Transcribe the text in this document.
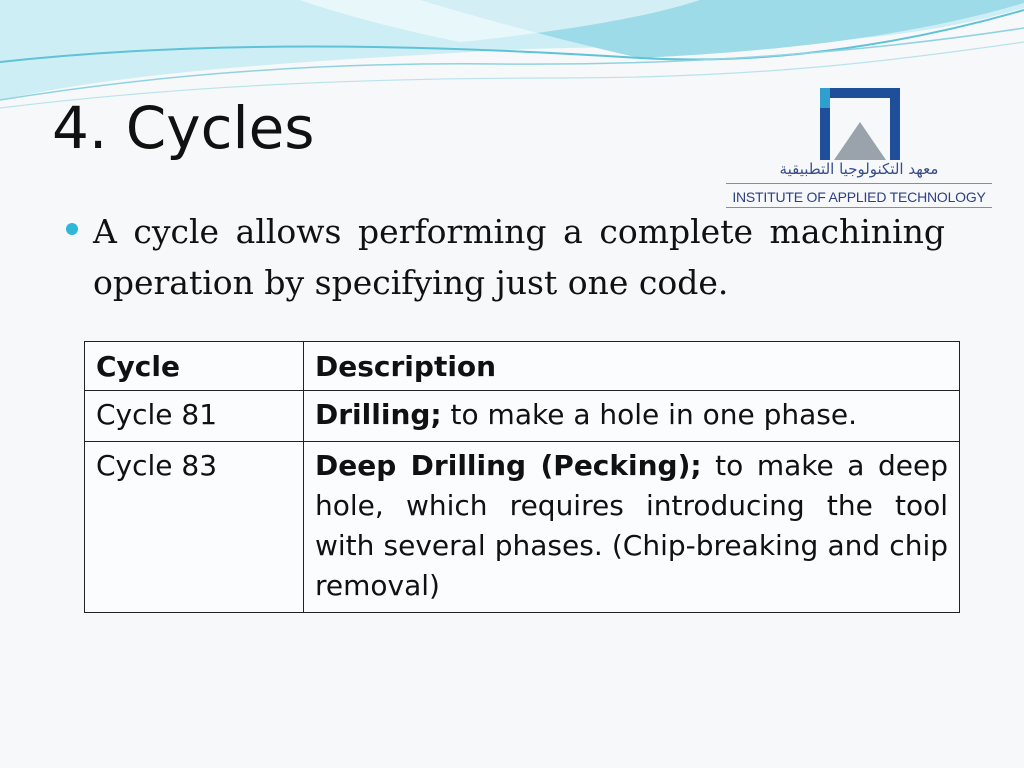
4. Cycles
معهد التكنولوجيا التطبيقية
INSTITUTE OF APPLIED TECHNOLOGY

A cycle allows performing a complete machining operation by specifying just one code.

Cycle	Description
Cycle 81	Drilling; to make a hole in one phase.
Cycle 83	Deep Drilling (Pecking); to make a deep hole, which requires introducing the tool with several phases. (Chip-breaking and chip removal)
